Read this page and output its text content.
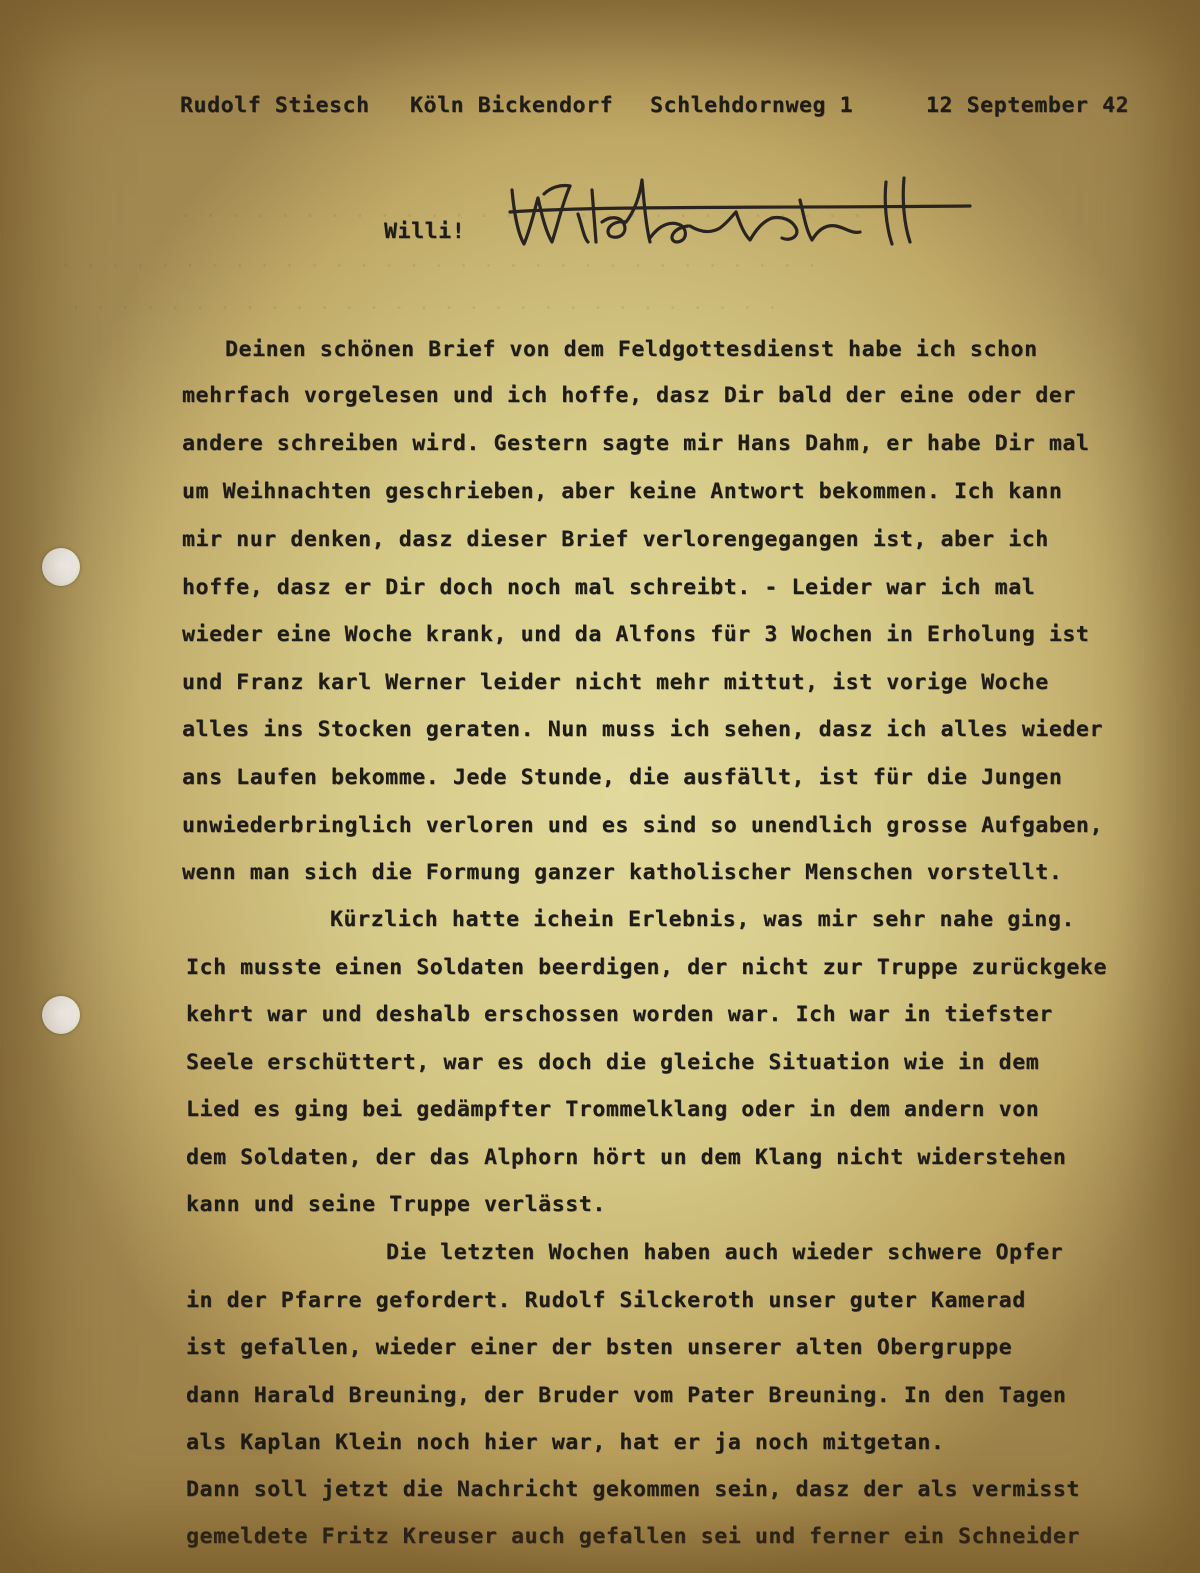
. . . . . . . . . . . . . . . . . . . . . . . . . . . .
. . . . . . . . . . . . . . . . . . . . . . . . . . . . . . .
. . . . . . . . . . . . . . . . . . . . . . . . . . . . .
Rudolf Stiesch Köln Bickendorf Schlehdornweg 1	12 September 42
Willi!
Deinen schönen Brief von dem Feldgottesdienst habe ich schon
mehrfach vorgelesen und ich hoffe, dasz Dir bald der eine oder der
andere schreiben wird. Gestern sagte mir Hans Dahm, er habe Dir mal
um Weihnachten geschrieben, aber keine Antwort bekommen. Ich kann
mir nur denken, dasz dieser Brief verlorengegangen ist, aber ich
hoffe, dasz er Dir doch noch mal schreibt. - Leider war ich mal
wieder eine Woche krank, und da Alfons für 3 Wochen in Erholung ist
und Franz karl Werner leider nicht mehr mittut, ist vorige Woche
alles ins Stocken geraten. Nun muss ich sehen, dasz ich alles wieder
ans Laufen bekomme. Jede Stunde, die ausfällt, ist für die Jungen
unwiederbringlich verloren und es sind so unendlich grosse Aufgaben,
wenn man sich die Formung ganzer katholischer Menschen vorstellt.
Kürzlich hatte ichein Erlebnis, was mir sehr nahe ging.
Ich musste einen Soldaten beerdigen, der nicht zur Truppe zurückgeke
kehrt war und deshalb erschossen worden war. Ich war in tiefster
Seele erschüttert, war es doch die gleiche Situation wie in dem
Lied es ging bei gedämpfter Trommelklang oder in dem andern von
dem Soldaten, der das Alphorn hört un dem Klang nicht widerstehen
kann und seine Truppe verlässt.
Die letzten Wochen haben auch wieder schwere Opfer
in der Pfarre gefordert. Rudolf Silckeroth unser guter Kamerad
ist gefallen, wieder einer der bsten unserer alten Obergruppe
dann Harald Breuning, der Bruder vom Pater Breuning. In den Tagen
als Kaplan Klein noch hier war, hat er ja noch mitgetan.
Dann soll jetzt die Nachricht gekommen sein, dasz der als vermisst
gemeldete Fritz Kreuser auch gefallen sei und ferner ein Schneider
